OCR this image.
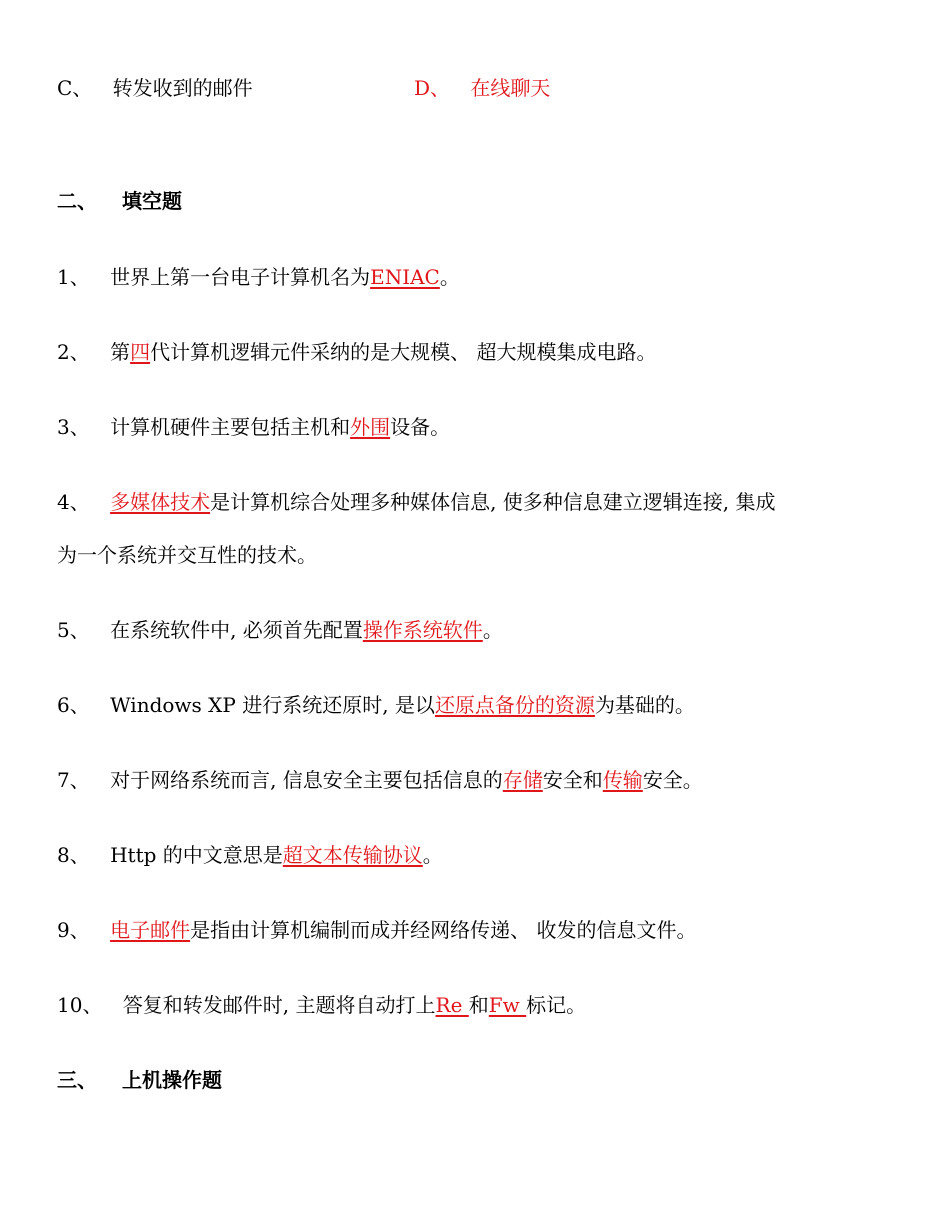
C、 转发收到的邮件	D、 在线聊天
二、 填空题
1、 世界上第一台电子计算机名为ENIAC。
2、 第四代计算机逻辑元件采纳的是大规模、 超大规模集成电路。
3、 计算机硬件主要包括主机和外围设备。
4、 多媒体技术是计算机综合处理多种媒体信息, 使多种信息建立逻辑连接, 集成
为一个系统并交互性的技术。
5、 在系统软件中, 必须首先配置操作系统软件。
6、 Windows XP 进行系统还原时, 是以还原点备份的资源为基础的。
7、 对于网络系统而言, 信息安全主要包括信息的存储安全和传输安全。
8、 Http 的中文意思是超文本传输协议。
9、 电子邮件是指由计算机编制而成并经网络传递、 收发的信息文件。
10、 答复和转发邮件时, 主题将自动打上Re 和Fw 标记。
三、 上机操作题
